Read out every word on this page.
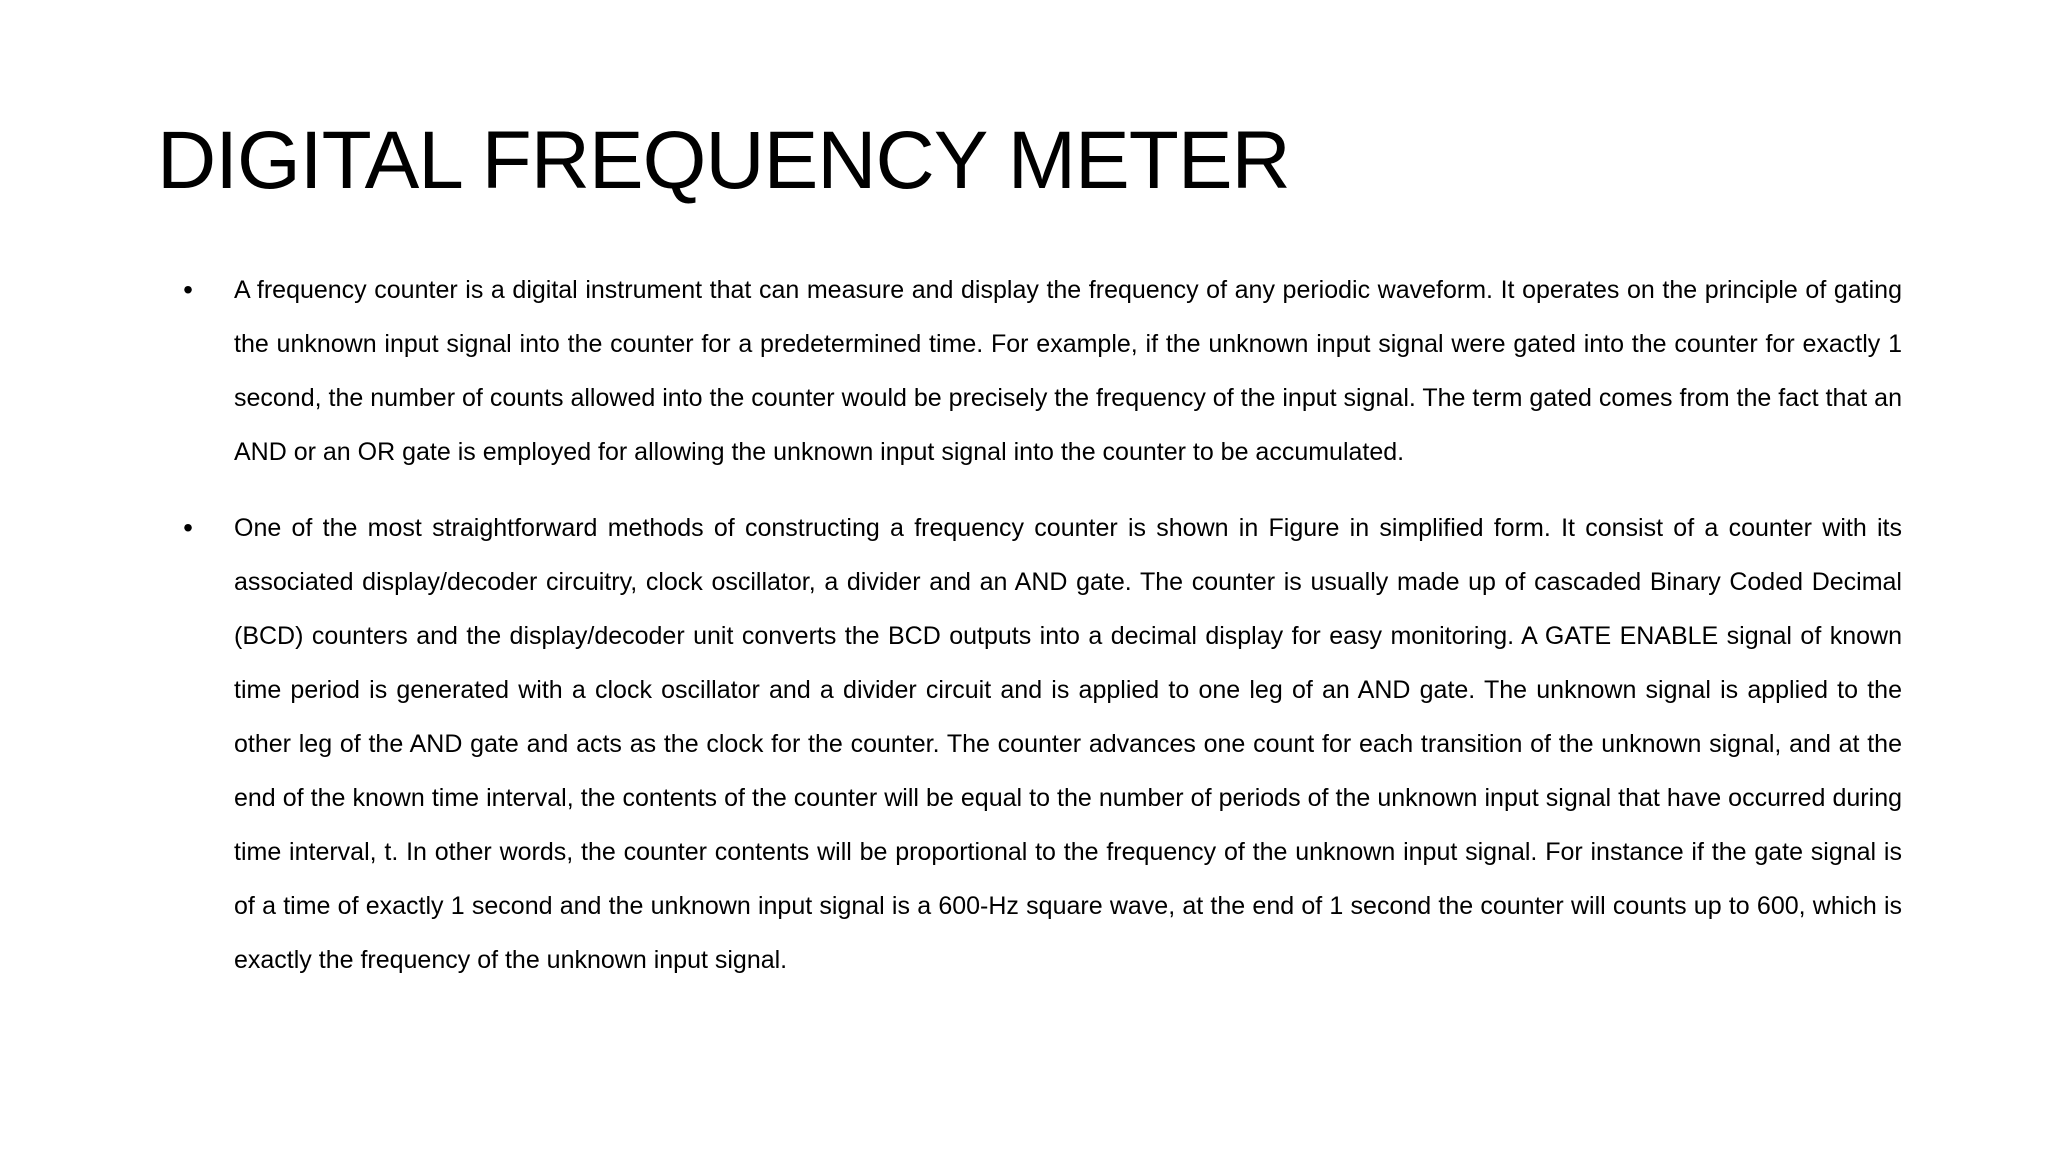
DIGITAL FREQUENCY METER
• A frequency counter is a digital instrument that can measure and display the frequency of any periodic waveform. It operates on the principle of gating the unknown input signal into the counter for a predetermined time. For example, if the unknown input signal were gated into the counter for exactly 1 second, the number of counts allowed into the counter would be precisely the frequency of the input signal. The term gated comes from the fact that an AND or an OR gate is employed for allowing the unknown input signal into the counter to be accumulated.
• One of the most straightforward methods of constructing a frequency counter is shown in Figure in simplified form. It consist of a counter with its associated display/decoder circuitry, clock oscillator, a divider and an AND gate. The counter is usually made up of cascaded Binary Coded Decimal (BCD) counters and the display/decoder unit converts the BCD outputs into a decimal display for easy monitoring. A GATE ENABLE signal of known time period is generated with a clock oscillator and a divider circuit and is applied to one leg of an AND gate. The unknown signal is applied to the other leg of the AND gate and acts as the clock for the counter. The counter advances one count for each transition of the unknown signal, and at the end of the known time interval, the contents of the counter will be equal to the number of periods of the unknown input signal that have occurred during time interval, t. In other words, the counter contents will be proportional to the frequency of the unknown input signal. For instance if the gate signal is of a time of exactly 1 second and the unknown input signal is a 600-Hz square wave, at the end of 1 second the counter will counts up to 600, which is exactly the frequency of the unknown input signal.
